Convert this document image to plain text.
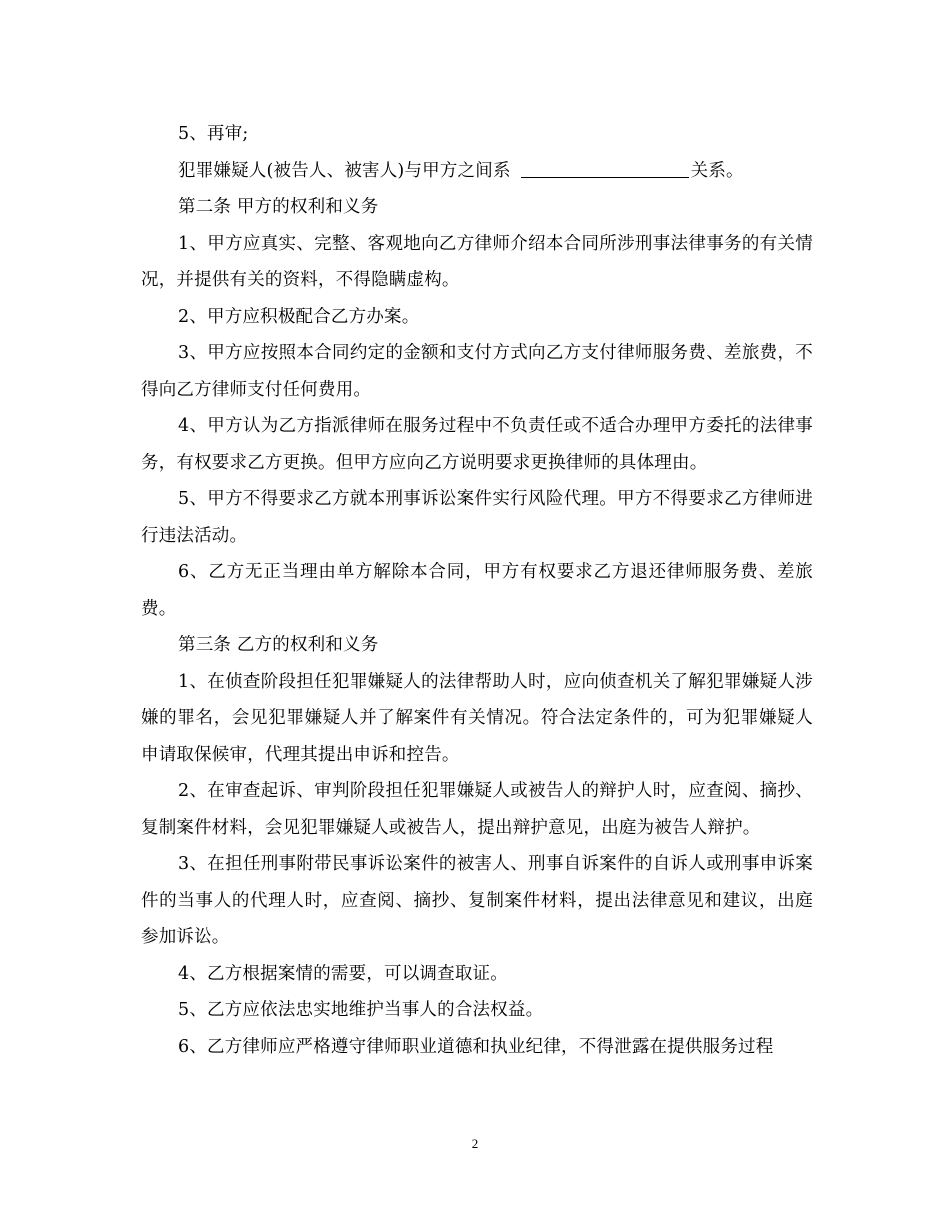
5、再审;

犯罪嫌疑人(被告人、被害人)与甲方之间系	关系。

第二条 甲方的权利和义务

1、甲方应真实、完整、客观地向乙方律师介绍本合同所涉刑事法律事务的有关情况，并提供有关的资料，不得隐瞒虚构。

2、甲方应积极配合乙方办案。

3、甲方应按照本合同约定的金额和支付方式向乙方支付律师服务费、差旅费，不得向乙方律师支付任何费用。

4、甲方认为乙方指派律师在服务过程中不负责任或不适合办理甲方委托的法律事务，有权要求乙方更换。但甲方应向乙方说明要求更换律师的具体理由。

5、甲方不得要求乙方就本刑事诉讼案件实行风险代理。甲方不得要求乙方律师进行违法活动。

6、乙方无正当理由单方解除本合同，甲方有权要求乙方退还律师服务费、差旅费。

第三条 乙方的权利和义务

1、在侦查阶段担任犯罪嫌疑人的法律帮助人时，应向侦查机关了解犯罪嫌疑人涉嫌的罪名，会见犯罪嫌疑人并了解案件有关情况。符合法定条件的，可为犯罪嫌疑人申请取保候审，代理其提出申诉和控告。

2、在审查起诉、审判阶段担任犯罪嫌疑人或被告人的辩护人时，应查阅、摘抄、复制案件材料，会见犯罪嫌疑人或被告人，提出辩护意见，出庭为被告人辩护。

3、在担任刑事附带民事诉讼案件的被害人、刑事自诉案件的自诉人或刑事申诉案件的当事人的代理人时，应查阅、摘抄、复制案件材料，提出法律意见和建议，出庭参加诉讼。

4、乙方根据案情的需要，可以调查取证。

5、乙方应依法忠实地维护当事人的合法权益。

6、乙方律师应严格遵守律师职业道德和执业纪律，不得泄露在提供服务过程

2
